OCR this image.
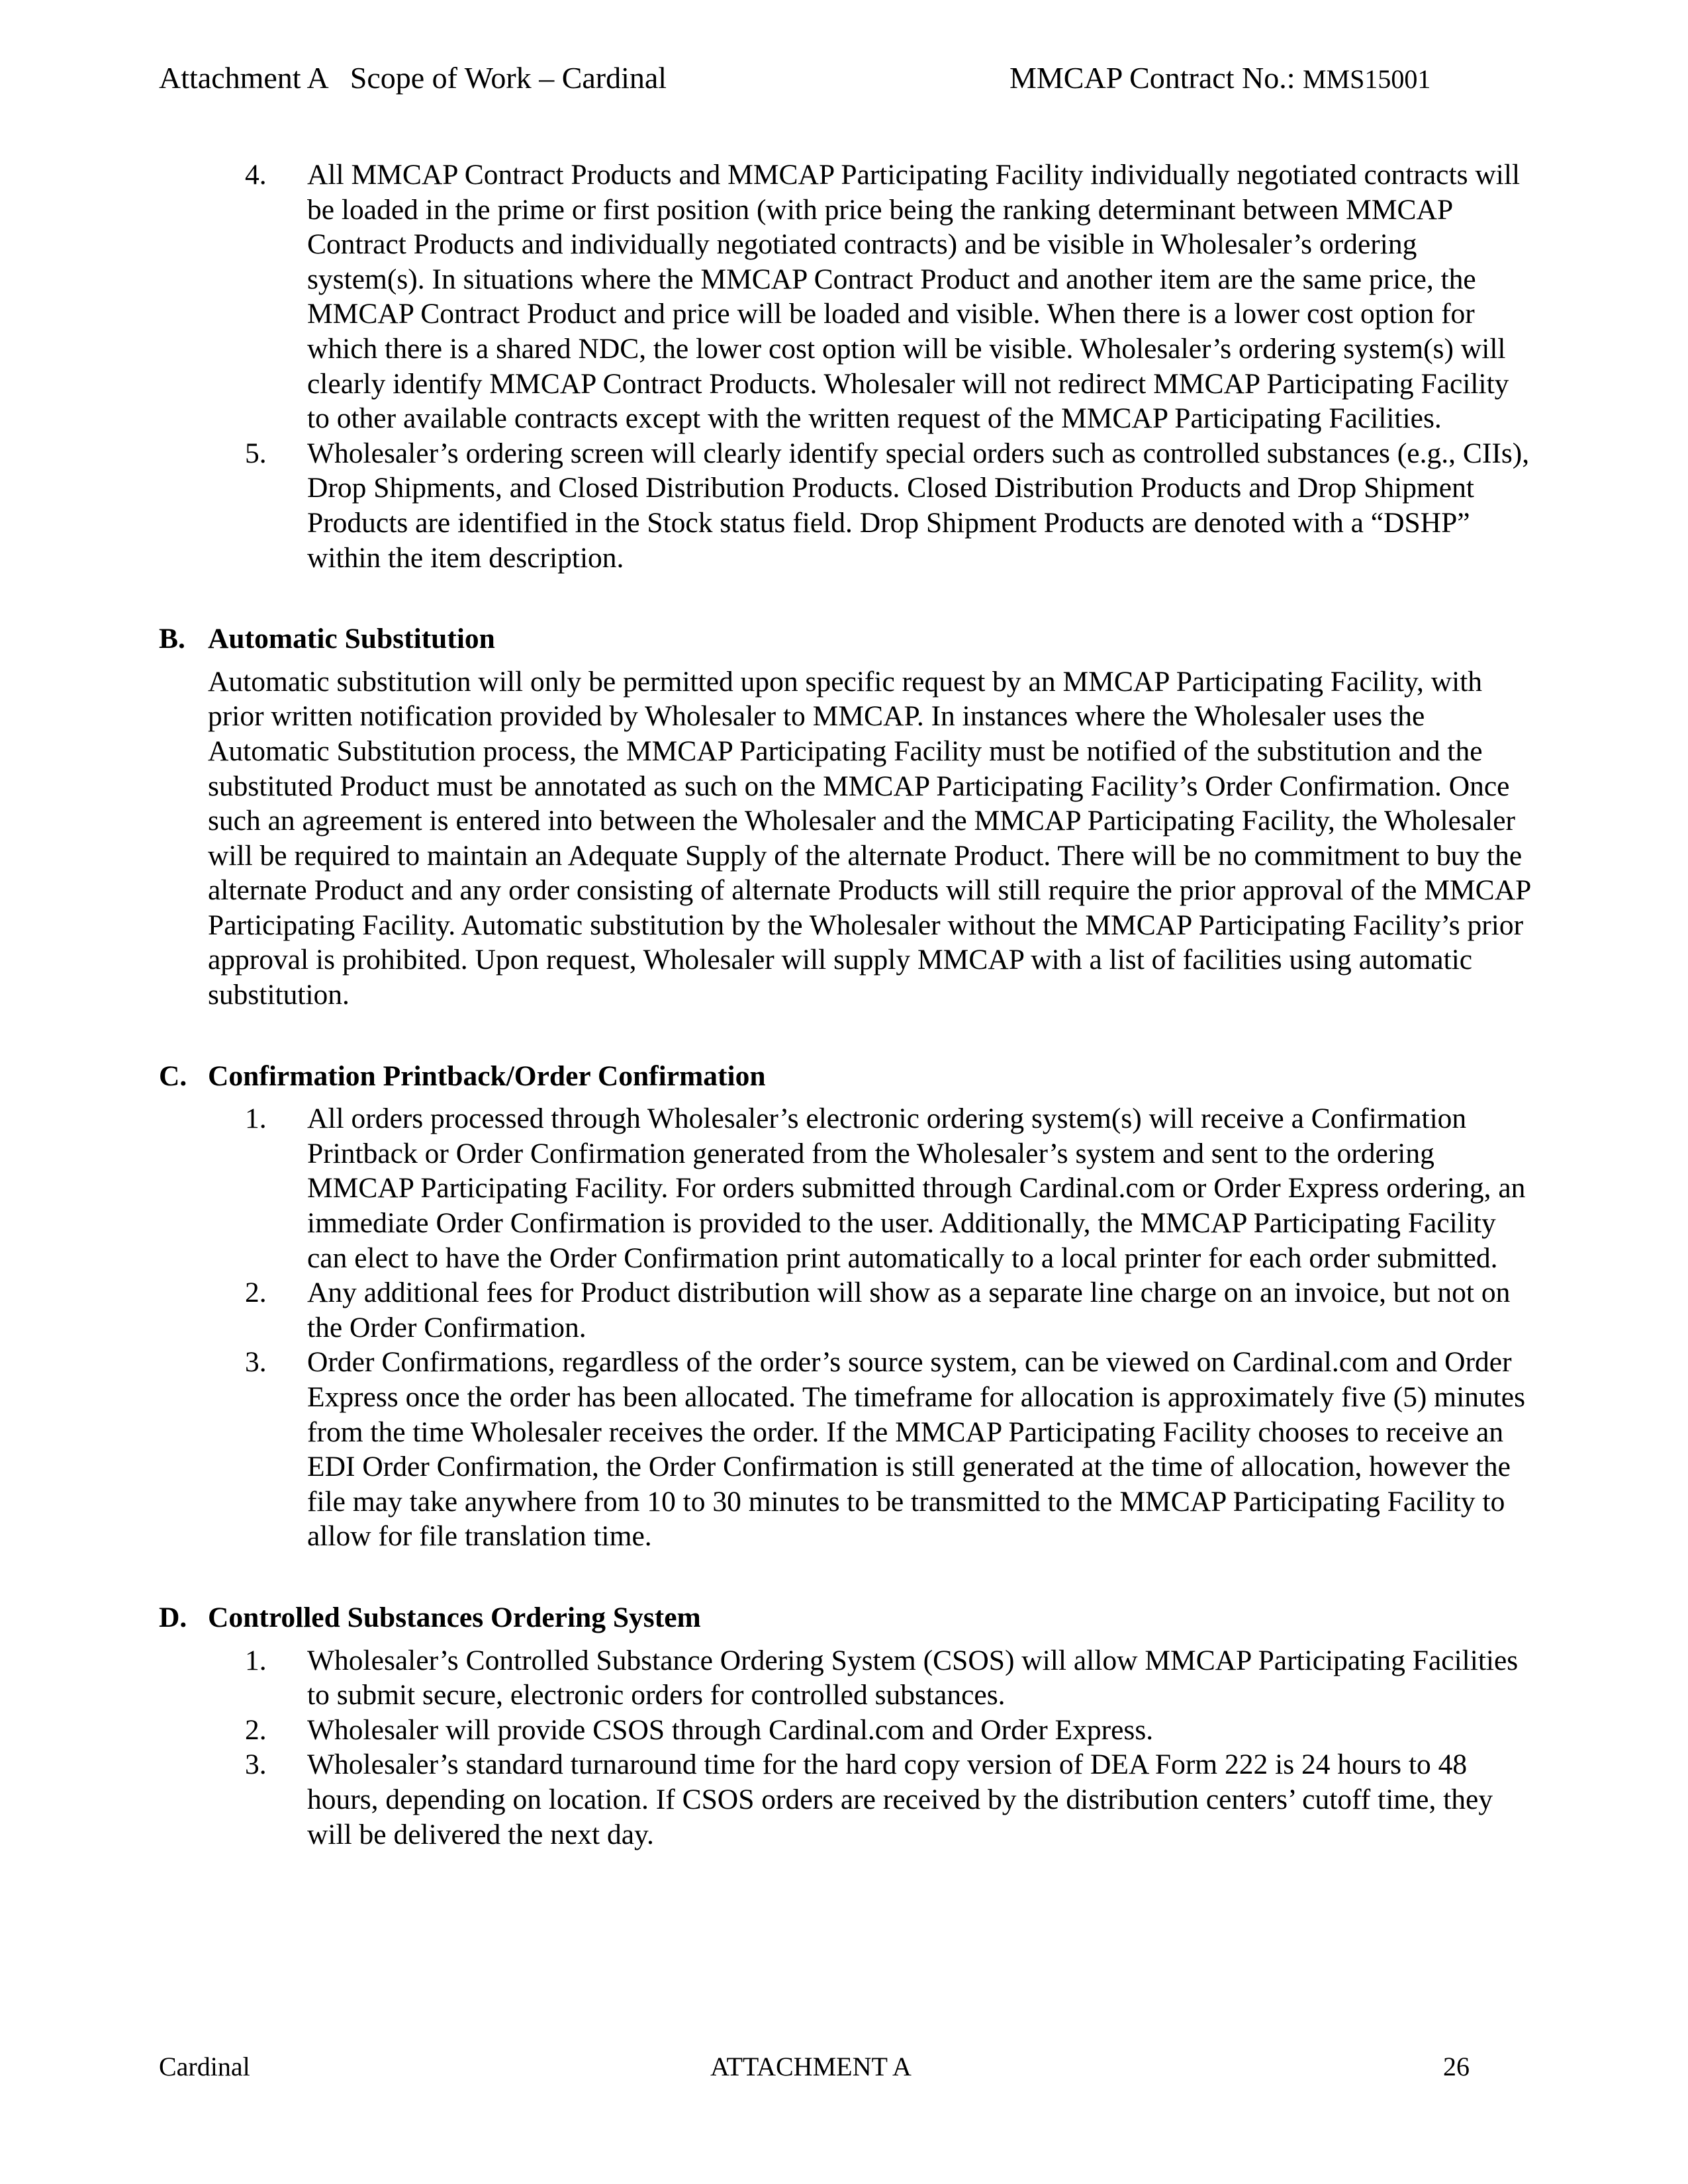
Attachment A   Scope of Work – Cardinal	MMCAP Contract No.: MMS15001
4.	All MMCAP Contract Products and MMCAP Participating Facility individually negotiated contracts will be loaded in the prime or first position (with price being the ranking determinant between MMCAP Contract Products and individually negotiated contracts) and be visible in Wholesaler’s ordering system(s). In situations where the MMCAP Contract Product and another item are the same price, the MMCAP Contract Product and price will be loaded and visible. When there is a lower cost option for which there is a shared NDC, the lower cost option will be visible. Wholesaler’s ordering system(s) will clearly identify MMCAP Contract Products. Wholesaler will not redirect MMCAP Participating Facility to other available contracts except with the written request of the MMCAP Participating Facilities.
5.	Wholesaler’s ordering screen will clearly identify special orders such as controlled substances (e.g., CIIs), Drop Shipments, and Closed Distribution Products. Closed Distribution Products and Drop Shipment Products are identified in the Stock status field. Drop Shipment Products are denoted with a “DSHP” within the item description.
B. Automatic Substitution
Automatic substitution will only be permitted upon specific request by an MMCAP Participating Facility, with prior written notification provided by Wholesaler to MMCAP. In instances where the Wholesaler uses the Automatic Substitution process, the MMCAP Participating Facility must be notified of the substitution and the substituted Product must be annotated as such on the MMCAP Participating Facility’s Order Confirmation. Once such an agreement is entered into between the Wholesaler and the MMCAP Participating Facility, the Wholesaler will be required to maintain an Adequate Supply of the alternate Product. There will be no commitment to buy the alternate Product and any order consisting of alternate Products will still require the prior approval of the MMCAP Participating Facility. Automatic substitution by the Wholesaler without the MMCAP Participating Facility’s prior approval is prohibited. Upon request, Wholesaler will supply MMCAP with a list of facilities using automatic substitution.
C. Confirmation Printback/Order Confirmation
1.	All orders processed through Wholesaler’s electronic ordering system(s) will receive a Confirmation Printback or Order Confirmation generated from the Wholesaler’s system and sent to the ordering MMCAP Participating Facility. For orders submitted through Cardinal.com or Order Express ordering, an immediate Order Confirmation is provided to the user. Additionally, the MMCAP Participating Facility can elect to have the Order Confirmation print automatically to a local printer for each order submitted.
2.	Any additional fees for Product distribution will show as a separate line charge on an invoice, but not on the Order Confirmation.
3.	Order Confirmations, regardless of the order’s source system, can be viewed on Cardinal.com and Order Express once the order has been allocated. The timeframe for allocation is approximately five (5) minutes from the time Wholesaler receives the order. If the MMCAP Participating Facility chooses to receive an EDI Order Confirmation, the Order Confirmation is still generated at the time of allocation, however the file may take anywhere from 10 to 30 minutes to be transmitted to the MMCAP Participating Facility to allow for file translation time.
D. Controlled Substances Ordering System
1.	Wholesaler’s Controlled Substance Ordering System (CSOS) will allow MMCAP Participating Facilities to submit secure, electronic orders for controlled substances.
2.	Wholesaler will provide CSOS through Cardinal.com and Order Express.
3.	Wholesaler’s standard turnaround time for the hard copy version of DEA Form 222 is 24 hours to 48 hours, depending on location. If CSOS orders are received by the distribution centers’ cutoff time, they will be delivered the next day.
Cardinal	ATTACHMENT A	26
